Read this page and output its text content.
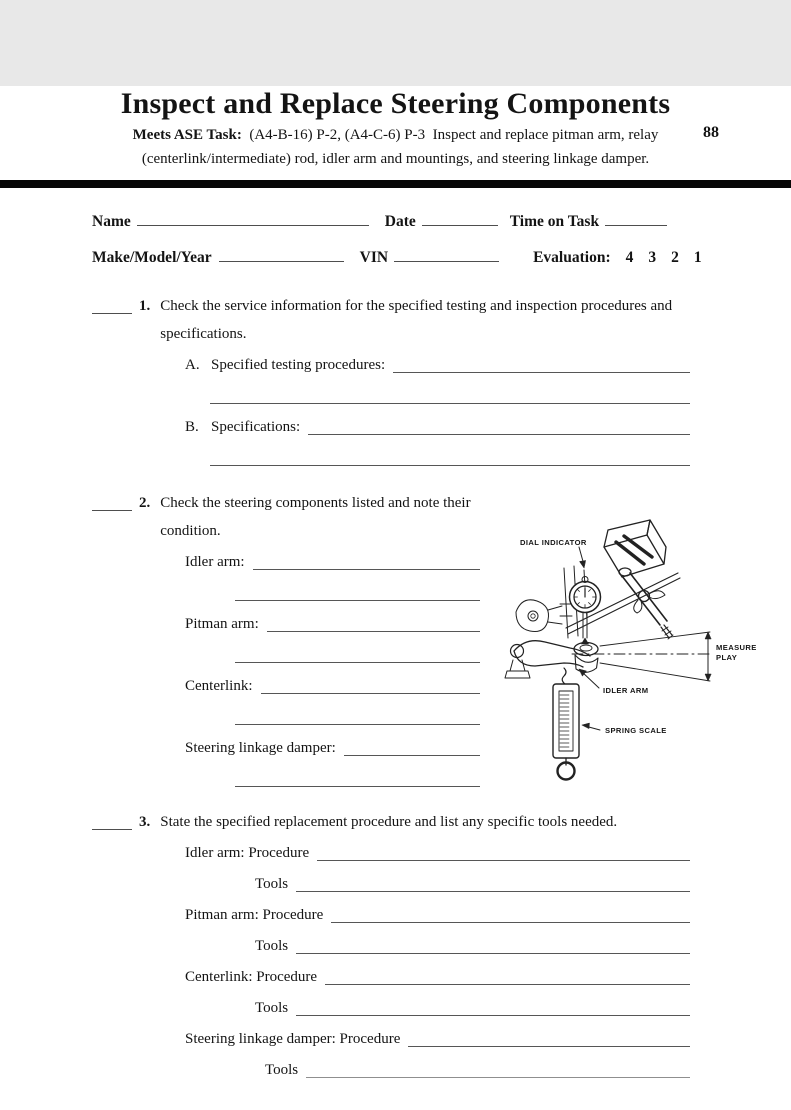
88
Inspect and Replace Steering Components
Meets ASE Task:  (A4-B-16) P-2, (A4-C-6) P-3  Inspect and replace pitman arm, relay
(centerlink/intermediate) rod, idler arm and mountings, and steering linkage damper.
Name	Date	Time on Task
Make/Model/Year	VIN	Evaluation: 4 3 2 1
1. Check the service information for the specified testing and inspection procedures and specifications.
A. Specified testing procedures:
B. Specifications:
2. Check the steering components listed and note their condition.
Idler arm:
Pitman arm:
Centerlink:
Steering linkage damper:
3. State the specified replacement procedure and list any specific tools needed.
Idler arm: Procedure
Tools
Pitman arm: Procedure
Tools
Centerlink: Procedure
Tools
Steering linkage damper: Procedure
Tools
DIAL INDICATOR
MEASURE
PLAY
IDLER ARM
SPRING SCALE
